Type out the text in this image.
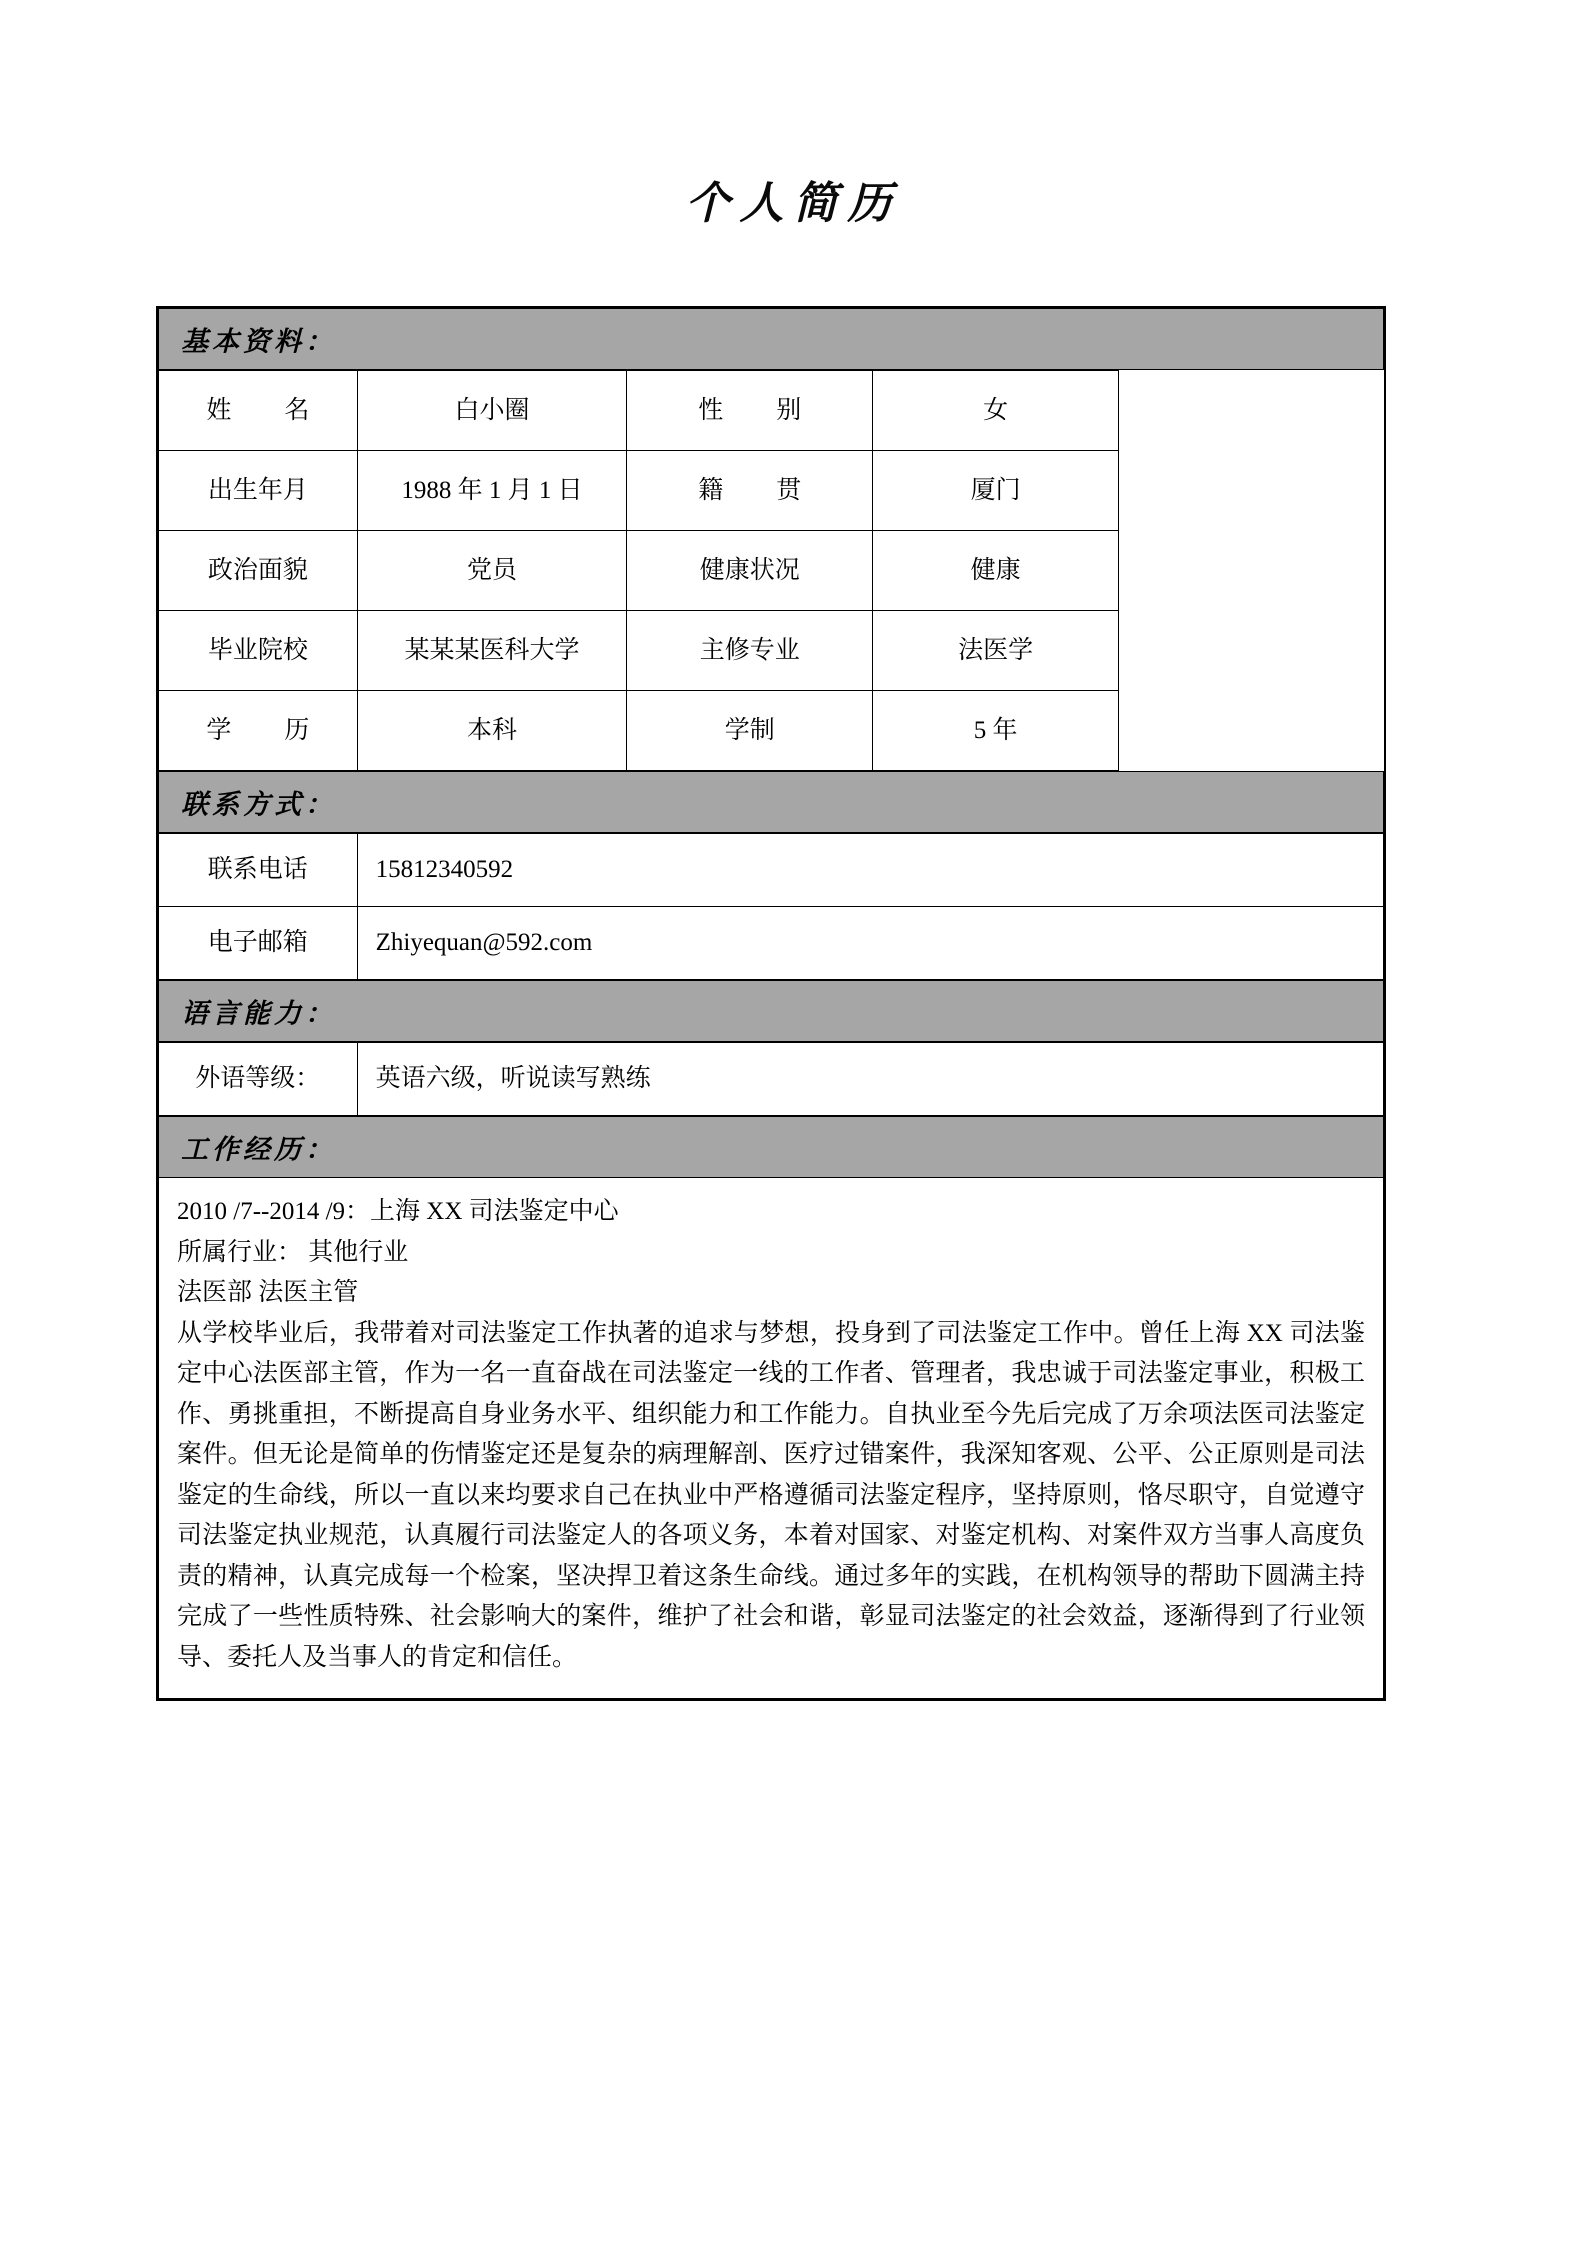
个人简历
基本资料：
姓　名	白小圈	性　别	女	
出生年月	1988 年 1 月 1 日	籍　贯	厦门	
政治面貌	党员	健康状况	健康	
毕业院校	某某某医科大学	主修专业	法医学	
学　历	本科	学制	5 年	
联系方式：
联系电话	15812340592
电子邮箱	Zhiyequan@592.com
语言能力：
外语等级：	英语六级，听说读写熟练
工作经历：
2010 /7--2014 /9：上海 XX 司法鉴定中心
所属行业： 其他行业
法医部 法医主管

从学校毕业后，我带着对司法鉴定工作执著的追求与梦想，投身到了司法鉴定工作中。曾任上海 XX 司法鉴定中心法医部主管，作为一名一直奋战在司法鉴定一线的工作者、管理者，我忠诚于司法鉴定事业，积极工作、勇挑重担，不断提高自身业务水平、组织能力和工作能力。自执业至今先后完成了万余项法医司法鉴定案件。但无论是简单的伤情鉴定还是复杂的病理解剖、医疗过错案件，我深知客观、公平、公正原则是司法鉴定的生命线，所以一直以来均要求自己在执业中严格遵循司法鉴定程序，坚持原则，恪尽职守，自觉遵守司法鉴定执业规范，认真履行司法鉴定人的各项义务，本着对国家、对鉴定机构、对案件双方当事人高度负责的精神，认真完成每一个检案，坚决捍卫着这条生命线。通过多年的实践，在机构领导的帮助下圆满主持完成了一些性质特殊、社会影响大的案件，维护了社会和谐，彰显司法鉴定的社会效益，逐渐得到了行业领导、委托人及当事人的肯定和信任。
